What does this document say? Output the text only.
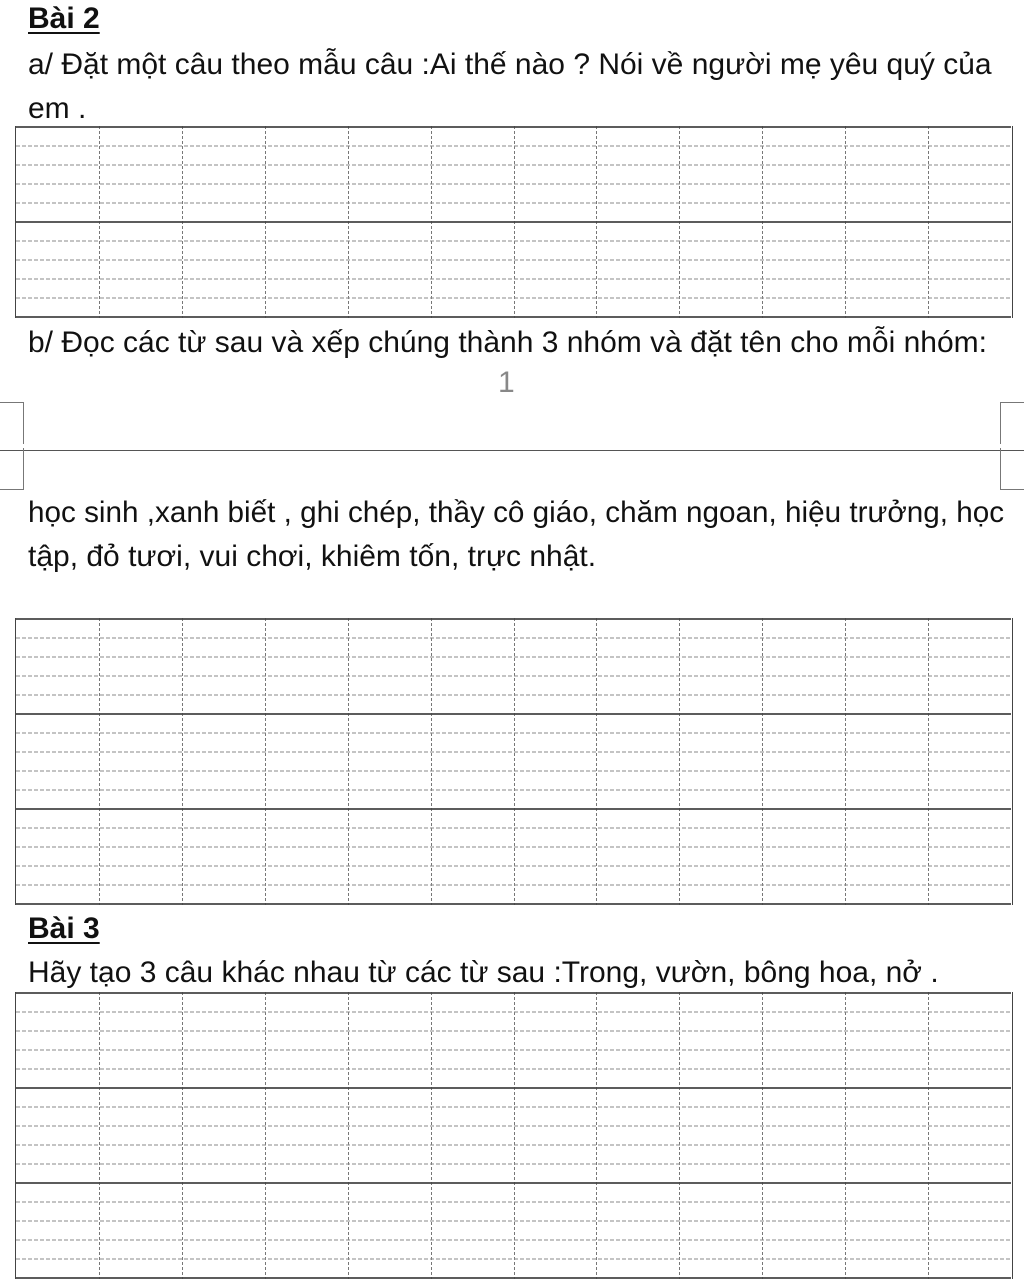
Bài 2
a/ Đặt một câu theo mẫu câu :Ai thế nào ? Nói về người mẹ yêu quý của
em .
b/ Đọc các từ sau và xếp chúng thành 3 nhóm và đặt tên cho mỗi nhóm:
1
học sinh ,xanh biết , ghi chép, thầy cô giáo, chăm ngoan, hiệu trưởng, học
tập, đỏ tươi, vui chơi, khiêm tốn, trực nhật.
Bài 3
Hãy tạo 3 câu khác nhau từ các từ sau :Trong, vườn, bông hoa, nở .
